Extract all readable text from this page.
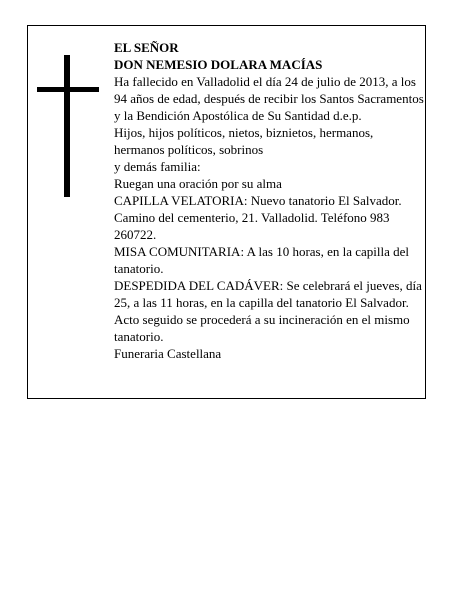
EL SEÑOR

DON NEMESIO DOLARA MACÍAS

Ha fallecido en Valladolid el día 24 de julio de 2013, a los 94 años de edad, después de recibir los Santos Sacramentos y la Bendición Apostólica de Su Santidad d.e.p.

Hijos, hijos políticos, nietos, biznietos, hermanos, hermanos políticos, sobrinos

y demás familia:

Ruegan una oración por su alma

CAPILLA VELATORIA: Nuevo tanatorio El Salvador. Camino del cementerio, 21. Valladolid. Teléfono 983 260722.

MISA COMUNITARIA: A las 10 horas, en la capilla del tanatorio.

DESPEDIDA DEL CADÁVER: Se celebrará el jueves, día 25, a las 11 horas, en la capilla del tanatorio El Salvador. Acto seguido se procederá a su incineración en el mismo tanatorio.

Funeraria Castellana
